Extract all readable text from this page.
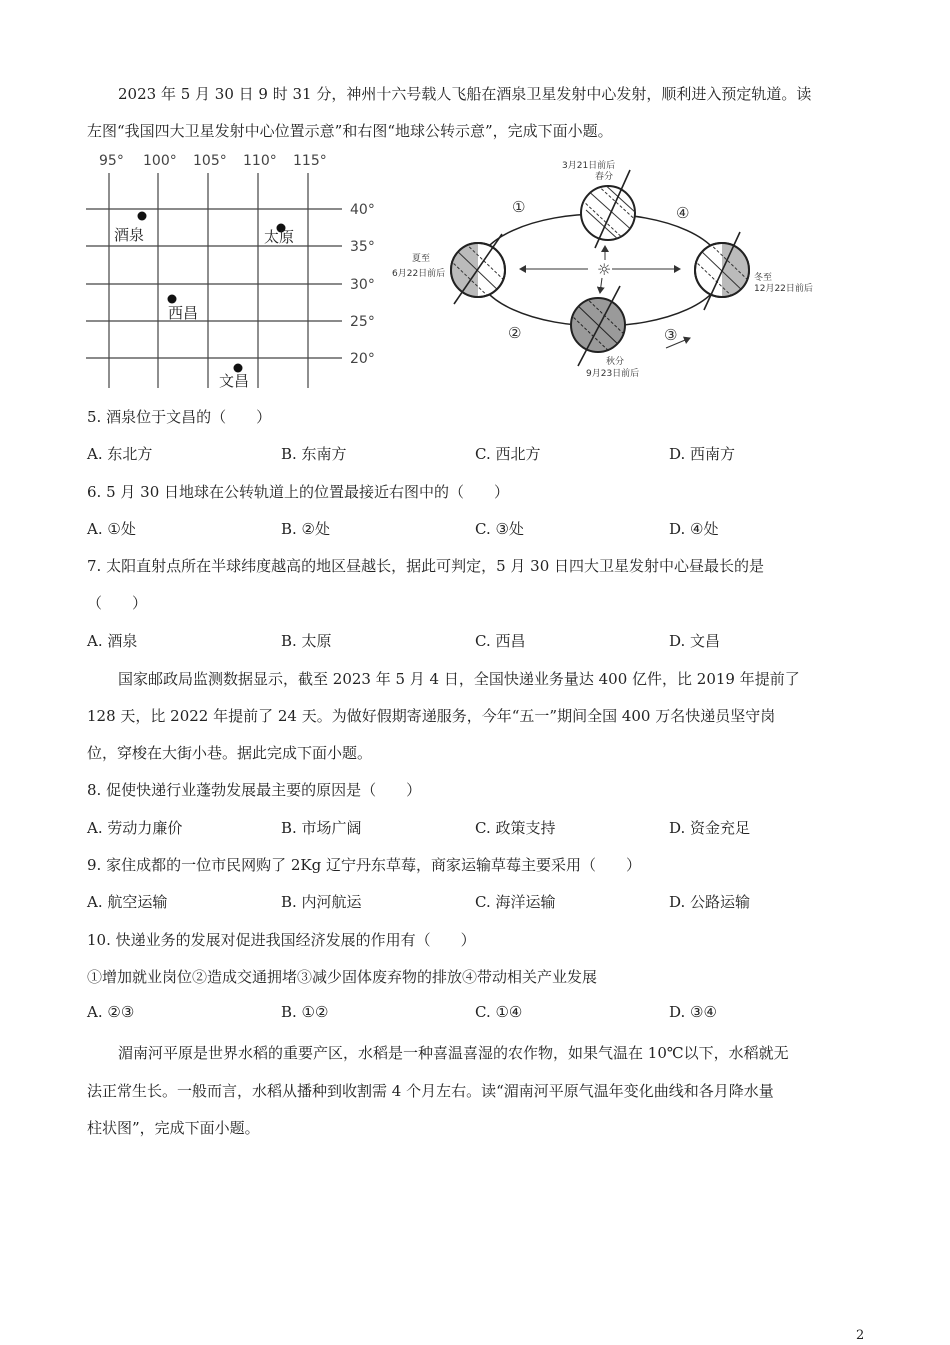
2023 年 5 月 30 日 9 时 31 分，神州十六号载人飞船在酒泉卫星发射中心发射，顺利进入预定轨道。读
左图“我国四大卫星发射中心位置示意”和右图“地球公转示意”，完成下面小题。
95° 100° 105° 110° 115°
40°
35°
30°
25°
20°
酒泉	太原
西昌
文昌
☼
3月21日前后
春分
夏至
6月22日前后	冬至
12月22日前后
秋分
9月23日前后
①
②	③
④
5. 酒泉位于文昌的（　　）
A. 东北方	B. 东南方	C. 西北方	D. 西南方
6. 5 月 30 日地球在公转轨道上的位置最接近右图中的（　　）
A. ①处	B. ②处	C. ③处	D. ④处
7. 太阳直射点所在半球纬度越高的地区昼越长，据此可判定，5 月 30 日四大卫星发射中心昼最长的是
（　　）
A. 酒泉	B. 太原	C. 西昌	D. 文昌
国家邮政局监测数据显示，截至 2023 年 5 月 4 日，全国快递业务量达 400 亿件，比 2019 年提前了
128 天，比 2022 年提前了 24 天。为做好假期寄递服务，今年“五一”期间全国 400 万名快递员坚守岗
位，穿梭在大街小巷。据此完成下面小题。
8. 促使快递行业蓬勃发展最主要的原因是（　　）
A. 劳动力廉价	B. 市场广阔	C. 政策支持	D. 资金充足
9. 家住成都的一位市民网购了 2Kg 辽宁丹东草莓，商家运输草莓主要采用（　　）
A. 航空运输	B. 内河航运	C. 海洋运输	D. 公路运输
10. 快递业务的发展对促进我国经济发展的作用有（　　）
①增加就业岗位②造成交通拥堵③减少固体废弃物的排放④带动相关产业发展
A. ②③	B. ①②	C. ①④	D. ③④
湄南河平原是世界水稻的重要产区，水稻是一种喜温喜湿的农作物，如果气温在 10℃以下，水稻就无
法正常生长。一般而言，水稻从播种到收割需 4 个月左右。读“湄南河平原气温年变化曲线和各月降水量
柱状图”，完成下面小题。
2
